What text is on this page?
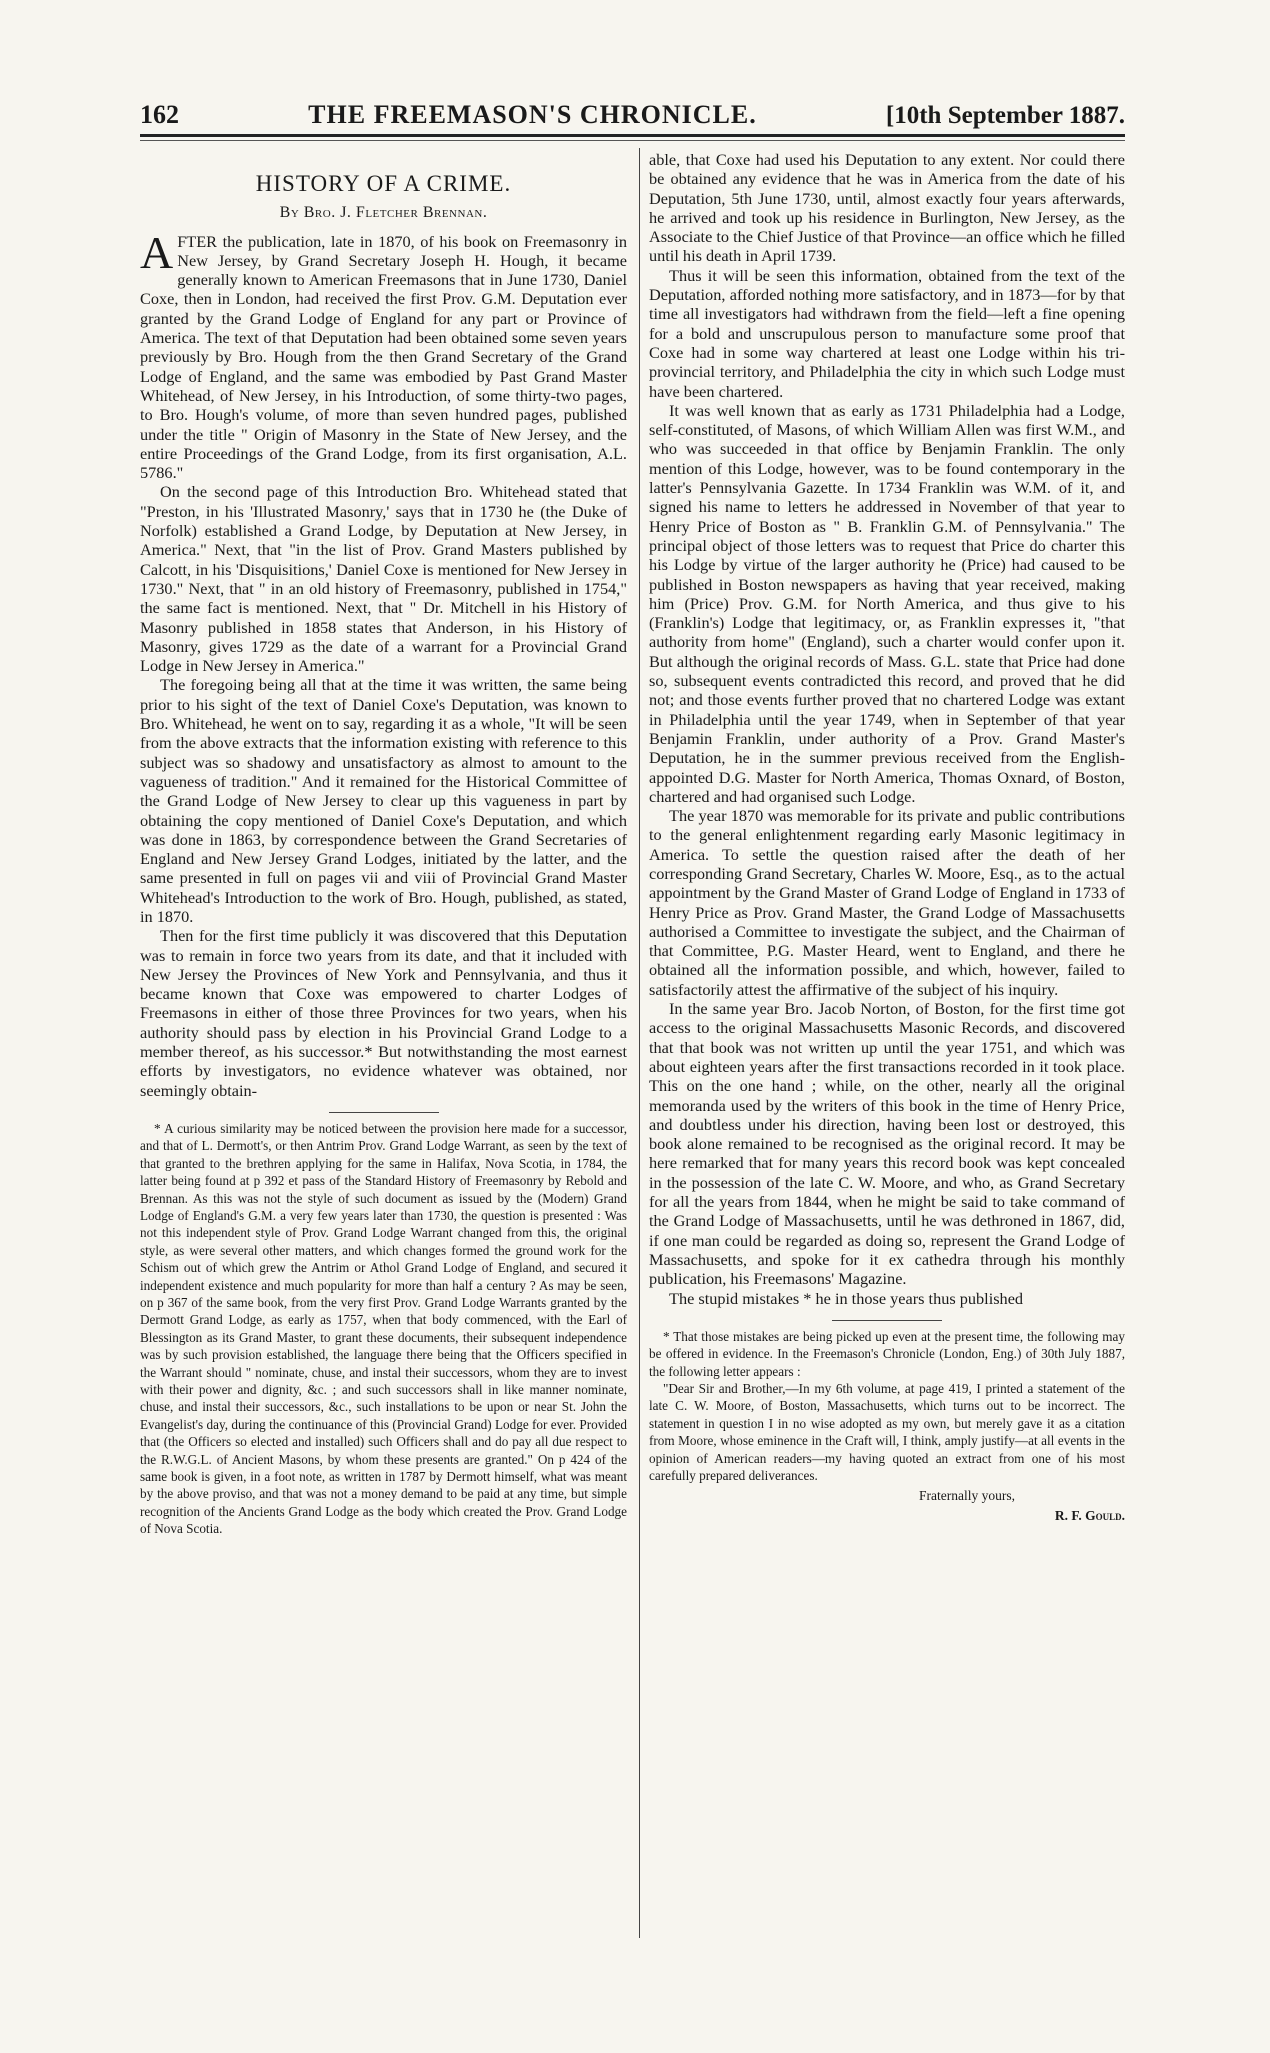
162	THE FREEMASON'S CHRONICLE.	[10th September 1887.
HISTORY OF A CRIME.
By Bro. J. Fletcher Brennan.

AFTER the publication, late in 1870, of his book on Freemasonry in New Jersey, by Grand Secretary Joseph H. Hough, it became generally known to American Freemasons that in June 1730, Daniel Coxe, then in London, had received the first Prov. G.M. Deputation ever granted by the Grand Lodge of England for any part or Province of America. The text of that Deputation had been obtained some seven years previously by Bro. Hough from the then Grand Secretary of the Grand Lodge of England, and the same was embodied by Past Grand Master Whitehead, of New Jersey, in his Introduction, of some thirty-two pages, to Bro. Hough's volume, of more than seven hundred pages, published under the title " Origin of Masonry in the State of New Jersey, and the entire Proceedings of the Grand Lodge, from its first organisation, A.L. 5786."

On the second page of this Introduction Bro. Whitehead stated that "Preston, in his 'Illustrated Masonry,' says that in 1730 he (the Duke of Norfolk) established a Grand Lodge, by Deputation at New Jersey, in America." Next, that "in the list of Prov. Grand Masters published by Calcott, in his 'Disquisitions,' Daniel Coxe is mentioned for New Jersey in 1730." Next, that " in an old history of Freemasonry, published in 1754," the same fact is mentioned. Next, that " Dr. Mitchell in his History of Masonry published in 1858 states that Anderson, in his History of Masonry, gives 1729 as the date of a warrant for a Provincial Grand Lodge in New Jersey in America."

The foregoing being all that at the time it was written, the same being prior to his sight of the text of Daniel Coxe's Deputation, was known to Bro. Whitehead, he went on to say, regarding it as a whole, "It will be seen from the above extracts that the information existing with reference to this subject was so shadowy and unsatisfactory as almost to amount to the vagueness of tradition." And it remained for the Historical Committee of the Grand Lodge of New Jersey to clear up this vagueness in part by obtaining the copy mentioned of Daniel Coxe's Deputation, and which was done in 1863, by correspondence between the Grand Secretaries of England and New Jersey Grand Lodges, initiated by the latter, and the same presented in full on pages vii and viii of Provincial Grand Master Whitehead's Introduction to the work of Bro. Hough, published, as stated, in 1870.

Then for the first time publicly it was discovered that this Deputation was to remain in force two years from its date, and that it included with New Jersey the Provinces of New York and Pennsylvania, and thus it became known that Coxe was empowered to charter Lodges of Freemasons in either of those three Provinces for two years, when his authority should pass by election in his Provincial Grand Lodge to a member thereof, as his successor.* But notwithstanding the most earnest efforts by investigators, no evidence whatever was obtained, nor seemingly obtain-

* A curious similarity may be noticed between the provision here made for a successor, and that of L. Dermott's, or then Antrim Prov. Grand Lodge Warrant, as seen by the text of that granted to the brethren applying for the same in Halifax, Nova Scotia, in 1784, the latter being found at p 392 et pass of the Standard History of Freemasonry by Rebold and Brennan. As this was not the style of such document as issued by the (Modern) Grand Lodge of England's G.M. a very few years later than 1730, the question is presented : Was not this independent style of Prov. Grand Lodge Warrant changed from this, the original style, as were several other matters, and which changes formed the ground work for the Schism out of which grew the Antrim or Athol Grand Lodge of England, and secured it independent existence and much popularity for more than half a century ? As may be seen, on p 367 of the same book, from the very first Prov. Grand Lodge Warrants granted by the Dermott Grand Lodge, as early as 1757, when that body commenced, with the Earl of Blessington as its Grand Master, to grant these documents, their subsequent independence was by such provision established, the language there being that the Officers specified in the Warrant should " nominate, chuse, and instal their successors, whom they are to invest with their power and dignity, &c. ; and such successors shall in like manner nominate, chuse, and instal their successors, &c., such installations to be upon or near St. John the Evangelist's day, during the continuance of this (Provincial Grand) Lodge for ever. Provided that (the Officers so elected and installed) such Officers shall and do pay all due respect to the R.W.G.L. of Ancient Masons, by whom these presents are granted." On p 424 of the same book is given, in a foot note, as written in 1787 by Dermott himself, what was meant by the above proviso, and that was not a money demand to be paid at any time, but simple recognition of the Ancients Grand Lodge as the body which created the Prov. Grand Lodge of Nova Scotia.

able, that Coxe had used his Deputation to any extent. Nor could there be obtained any evidence that he was in America from the date of his Deputation, 5th June 1730, until, almost exactly four years afterwards, he arrived and took up his residence in Burlington, New Jersey, as the Associate to the Chief Justice of that Province—an office which he filled until his death in April 1739.

Thus it will be seen this information, obtained from the text of the Deputation, afforded nothing more satisfactory, and in 1873—for by that time all investigators had withdrawn from the field—left a fine opening for a bold and unscrupulous person to manufacture some proof that Coxe had in some way chartered at least one Lodge within his tri-provincial territory, and Philadelphia the city in which such Lodge must have been chartered.

It was well known that as early as 1731 Philadelphia had a Lodge, self-constituted, of Masons, of which William Allen was first W.M., and who was succeeded in that office by Benjamin Franklin. The only mention of this Lodge, however, was to be found contemporary in the latter's Pennsylvania Gazette. In 1734 Franklin was W.M. of it, and signed his name to letters he addressed in November of that year to Henry Price of Boston as " B. Franklin G.M. of Pennsylvania." The principal object of those letters was to request that Price do charter this his Lodge by virtue of the larger authority he (Price) had caused to be published in Boston newspapers as having that year received, making him (Price) Prov. G.M. for North America, and thus give to his (Franklin's) Lodge that legitimacy, or, as Franklin expresses it, "that authority from home" (England), such a charter would confer upon it. But although the original records of Mass. G.L. state that Price had done so, subsequent events contradicted this record, and proved that he did not; and those events further proved that no chartered Lodge was extant in Philadelphia until the year 1749, when in September of that year Benjamin Franklin, under authority of a Prov. Grand Master's Deputation, he in the summer previous received from the English-appointed D.G. Master for North America, Thomas Oxnard, of Boston, chartered and had organised such Lodge.

The year 1870 was memorable for its private and public contributions to the general enlightenment regarding early Masonic legitimacy in America. To settle the question raised after the death of her corresponding Grand Secretary, Charles W. Moore, Esq., as to the actual appointment by the Grand Master of Grand Lodge of England in 1733 of Henry Price as Prov. Grand Master, the Grand Lodge of Massachusetts authorised a Committee to investigate the subject, and the Chairman of that Committee, P.G. Master Heard, went to England, and there he obtained all the information possible, and which, however, failed to satisfactorily attest the affirmative of the subject of his inquiry.

In the same year Bro. Jacob Norton, of Boston, for the first time got access to the original Massachusetts Masonic Records, and discovered that that book was not written up until the year 1751, and which was about eighteen years after the first transactions recorded in it took place. This on the one hand ; while, on the other, nearly all the original memoranda used by the writers of this book in the time of Henry Price, and doubtless under his direction, having been lost or destroyed, this book alone remained to be recognised as the original record. It may be here remarked that for many years this record book was kept concealed in the possession of the late C. W. Moore, and who, as Grand Secretary for all the years from 1844, when he might be said to take command of the Grand Lodge of Massachusetts, until he was dethroned in 1867, did, if one man could be regarded as doing so, represent the Grand Lodge of Massachusetts, and spoke for it ex cathedra through his monthly publication, his Freemasons' Magazine.

The stupid mistakes * he in those years thus published

* That those mistakes are being picked up even at the present time, the following may be offered in evidence. In the Freemason's Chronicle (London, Eng.) of 30th July 1887, the following letter appears :

"Dear Sir and Brother,—In my 6th volume, at page 419, I printed a statement of the late C. W. Moore, of Boston, Massachusetts, which turns out to be incorrect. The statement in question I in no wise adopted as my own, but merely gave it as a citation from Moore, whose eminence in the Craft will, I think, amply justify—at all events in the opinion of American readers—my having quoted an extract from one of his most carefully prepared deliverances.

Fraternally yours,
R. F. Gould.
